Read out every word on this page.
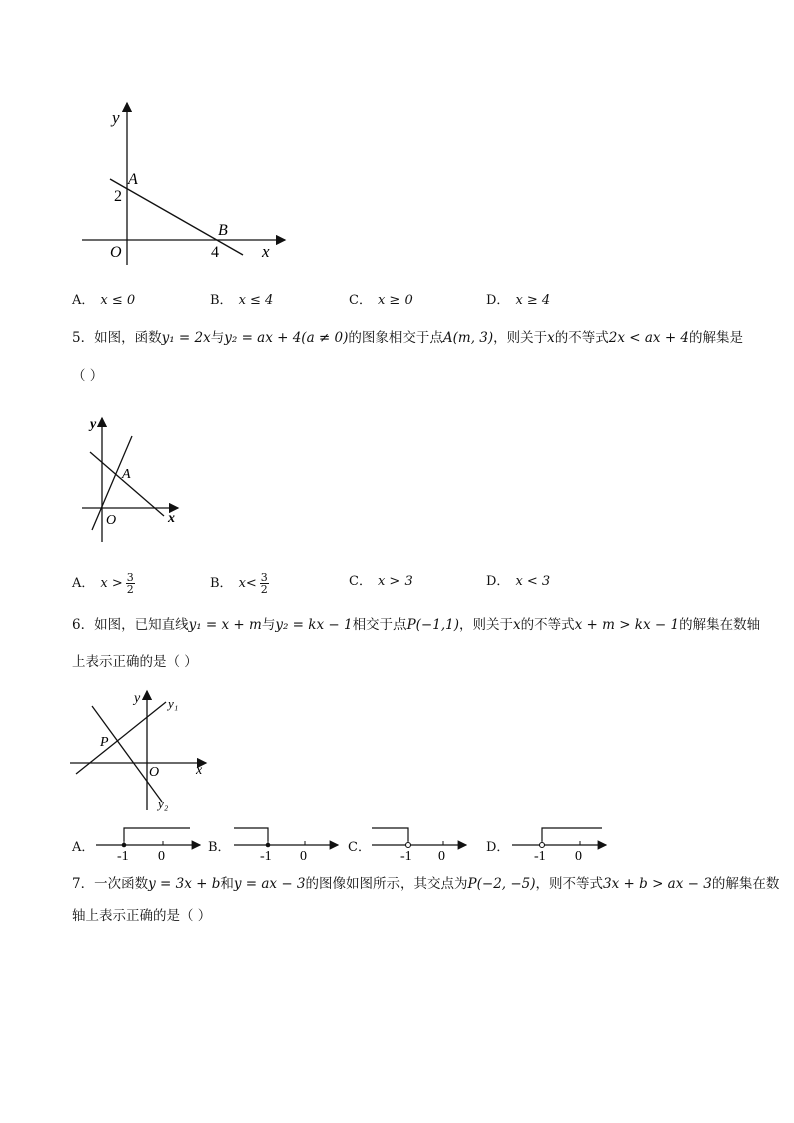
y
x
O
A
B
2
4
A． x ≤ 0	B． x ≤ 4	C． x ≥ 0	D． x ≥ 4
5．如图，函数y₁ = 2x与y₂ = ax + 4(a ≠ 0)的图象相交于点A(m, 3)，则关于x的不等式2x < ax + 4的解集是
（ ）
y
x
O
A
A． $x > \frac{3}{2}$	B． $x< \frac{3}{2}$	C． x > 3	D． x < 3
6．如图，已知直线y₁ = x + m与y₂ = kx − 1相交于点P(−1,1)，则关于x的不等式x + m > kx − 1的解集在数轴
上表示正确的是（ ）
y
x
O
P
y₁
y₂
A．
-1 0
B．
-1 0
C．
-1 0
D．
-1 0
7．一次函数y = 3x + b和y = ax − 3的图像如图所示，其交点为P(−2, −5)，则不等式3x + b > ax − 3的解集在数
轴上表示正确的是（ ）
